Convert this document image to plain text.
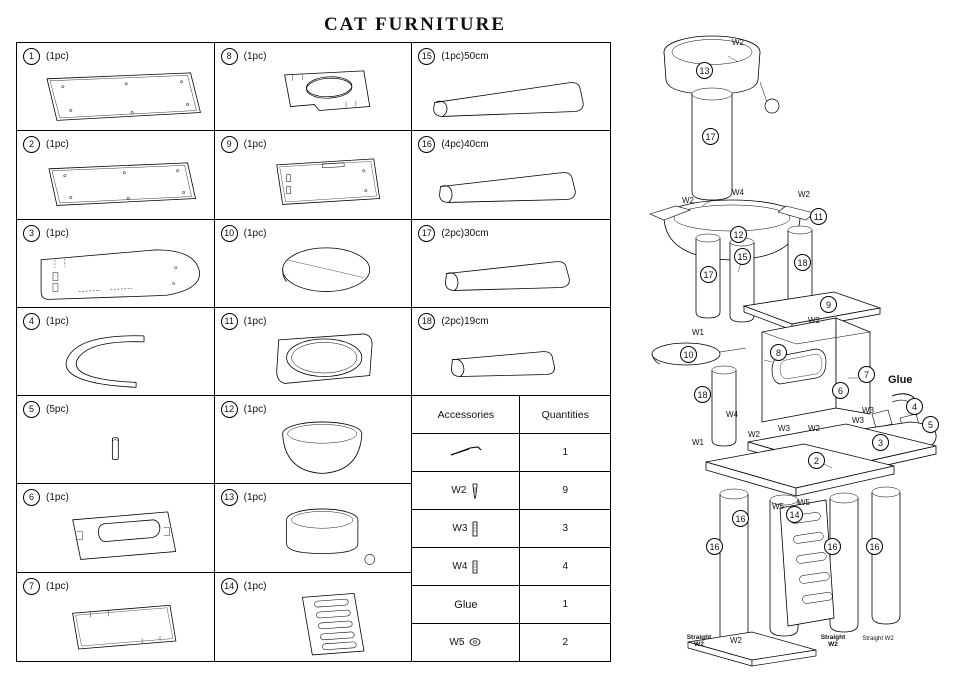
CAT FURNITURE
1	(1pc)	8	(1pc)	15 (1pc)50cm
2	(1pc)	9	(1pc)	16 (4pc)40cm
3	(1pc)	10 (1pc)	17 (2pc)30cm
4	(1pc)	11 (1pc)	18 (2pc)19cm
5	(5pc)	12 (1pc)	Accessories	Quantities

	1

W2	9

W3	3

W4	4
Glue	1

W5	2
6	(1pc)	13 (1pc)
7	(1pc)	14 (1pc)
13
17
11
12
18
17
15
9
10	8
6
7
4
5
3
2
16
16	14
16	16
18
W2
W2
W4	W2
W1
W2
W3
W2
W3
W1
W4
W2
W3
W5 W5
W2
Glue
Straight W2
Straight W2
Straight W2
